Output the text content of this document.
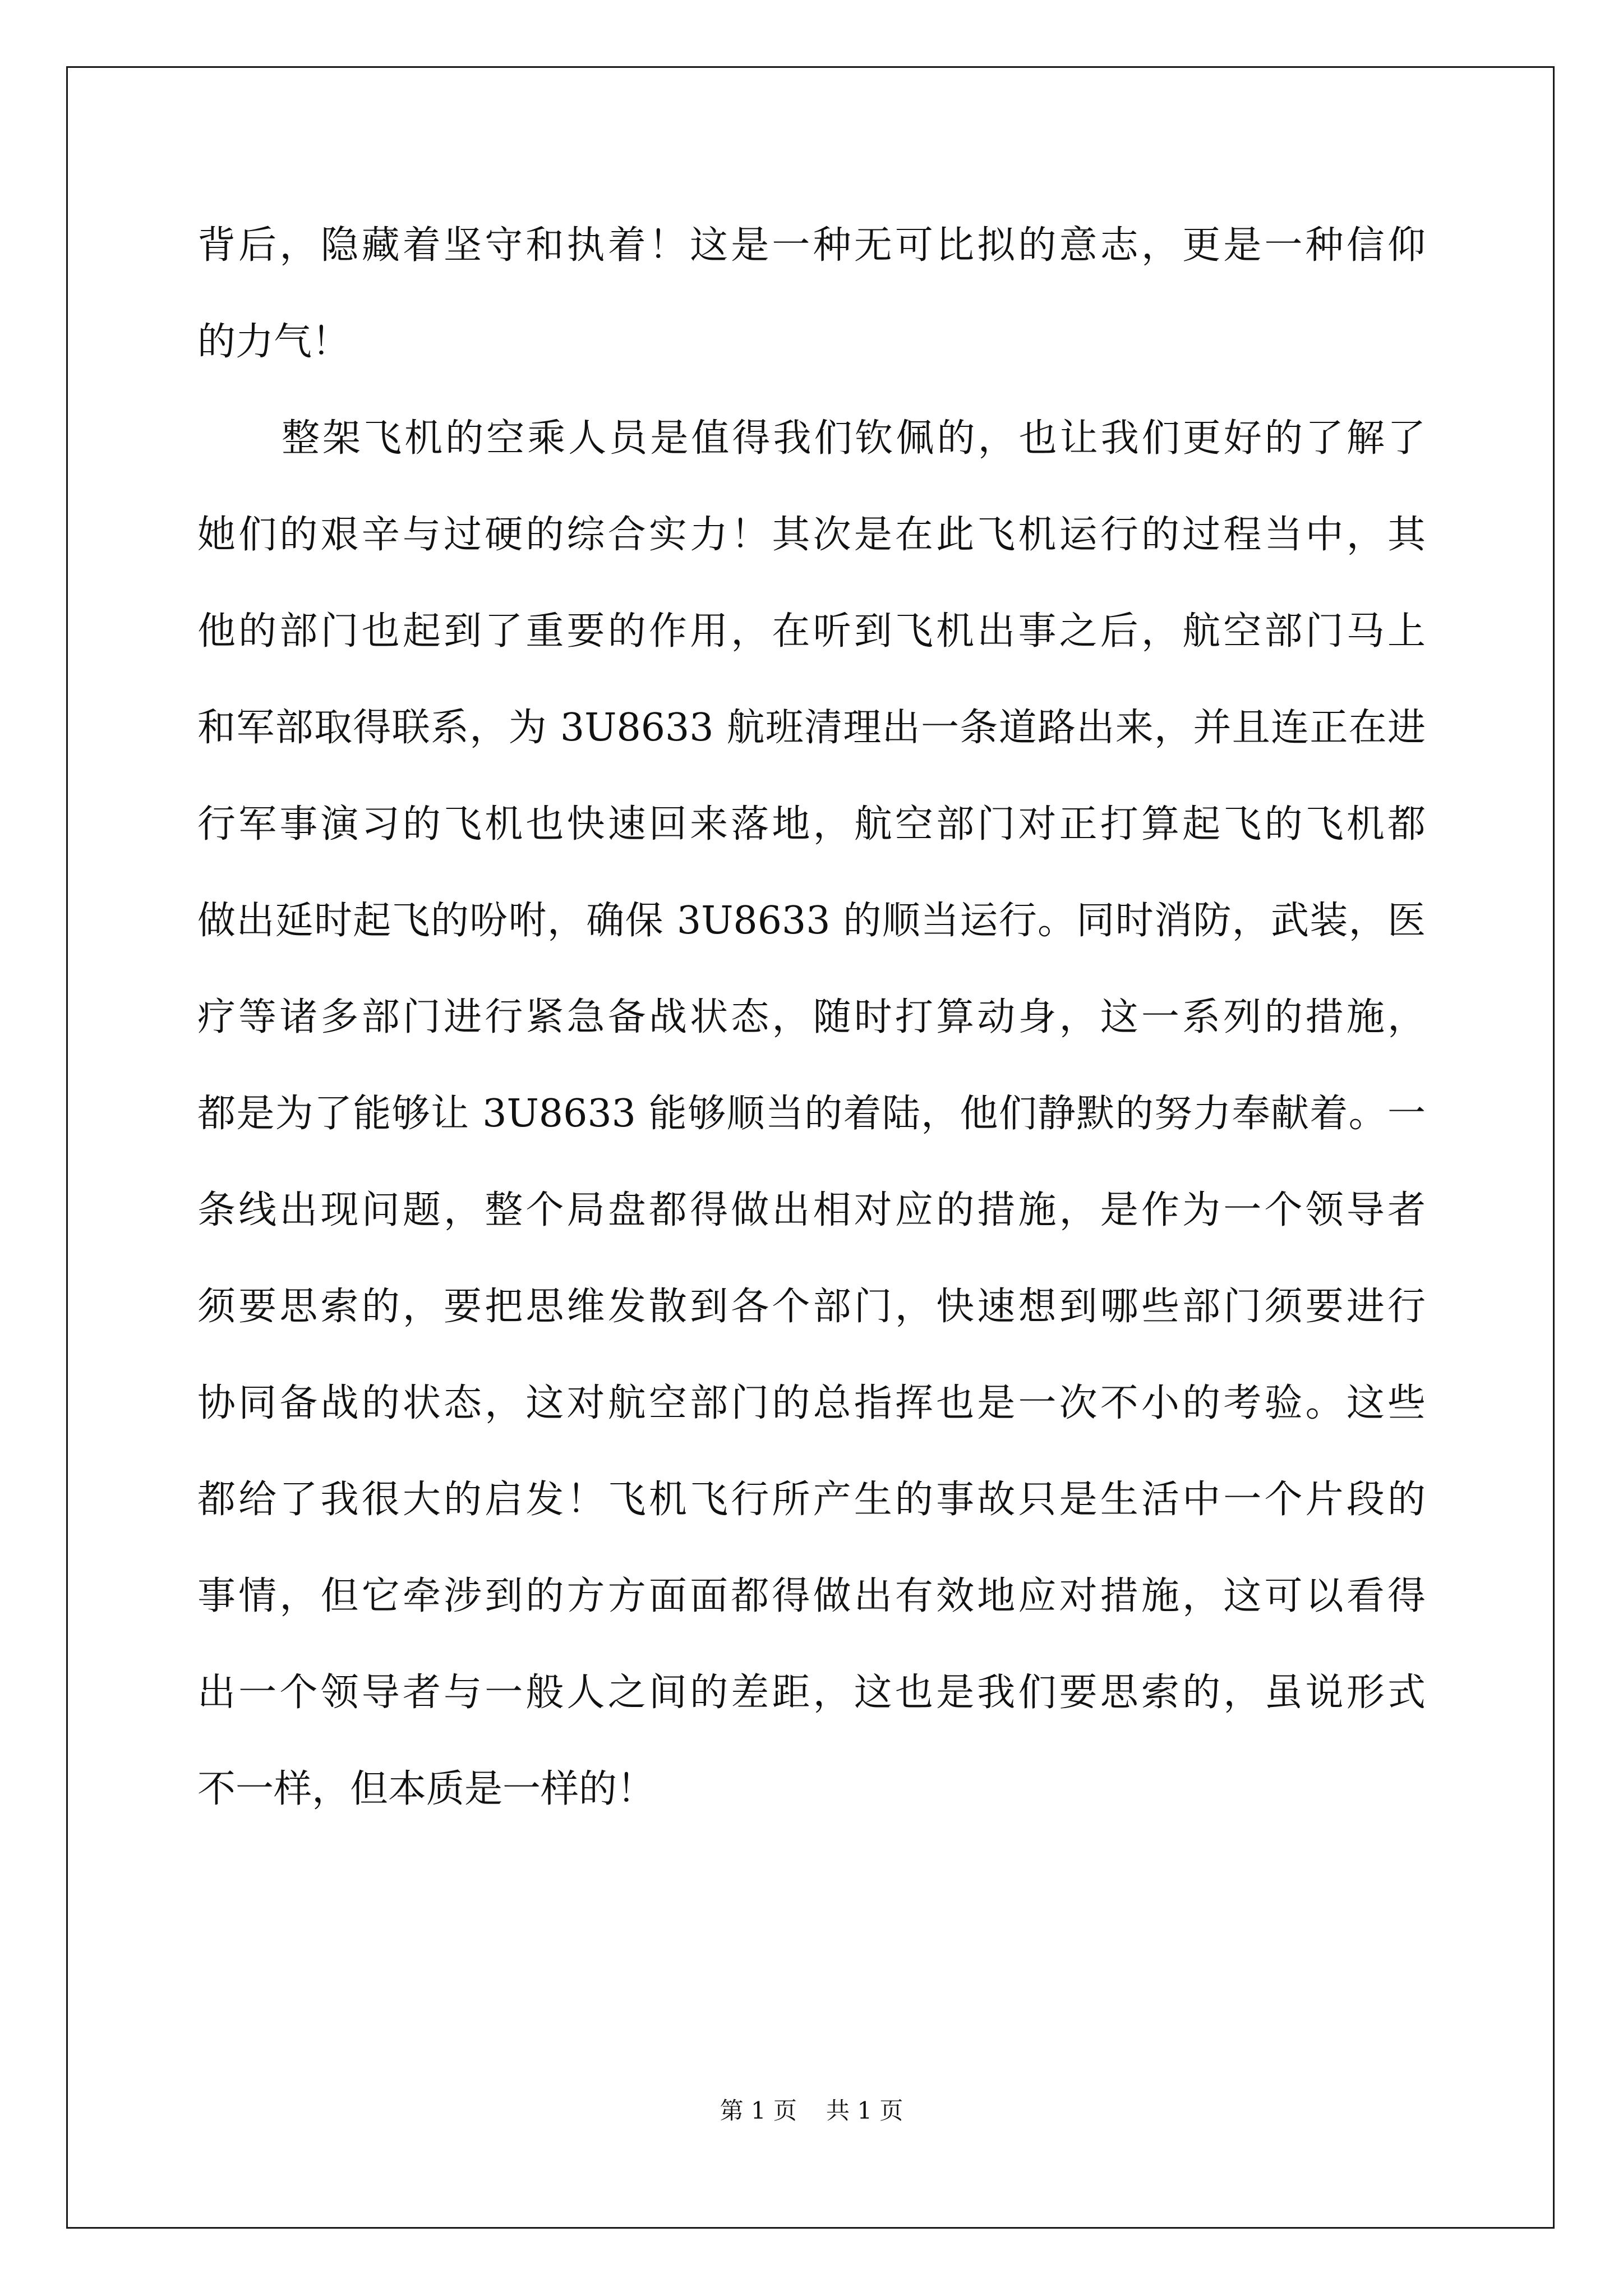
背后，隐藏着坚守和执着！这是一种无可比拟的意志，更是一种信仰
的力气！
整架飞机的空乘人员是值得我们钦佩的，也让我们更好的了解了
她们的艰辛与过硬的综合实力！其次是在此飞机运行的过程当中，其
他的部门也起到了重要的作用，在听到飞机出事之后，航空部门马上
和军部取得联系，为 3U8633 航班清理出一条道路出来，并且连正在进
行军事演习的飞机也快速回来落地，航空部门对正打算起飞的飞机都
做出延时起飞的吩咐，确保 3U8633 的顺当运行。同时消防，武装，医
疗等诸多部门进行紧急备战状态，随时打算动身，这一系列的措施，
都是为了能够让 3U8633 能够顺当的着陆，他们静默的努力奉献着。一
条线出现问题，整个局盘都得做出相对应的措施，是作为一个领导者
须要思索的，要把思维发散到各个部门，快速想到哪些部门须要进行
协同备战的状态，这对航空部门的总指挥也是一次不小的考验。这些
都给了我很大的启发！飞机飞行所产生的事故只是生活中一个片段的
事情，但它牵涉到的方方面面都得做出有效地应对措施，这可以看得
出一个领导者与一般人之间的差距，这也是我们要思索的，虽说形式
不一样，但本质是一样的！
第 1 页 共 1 页
